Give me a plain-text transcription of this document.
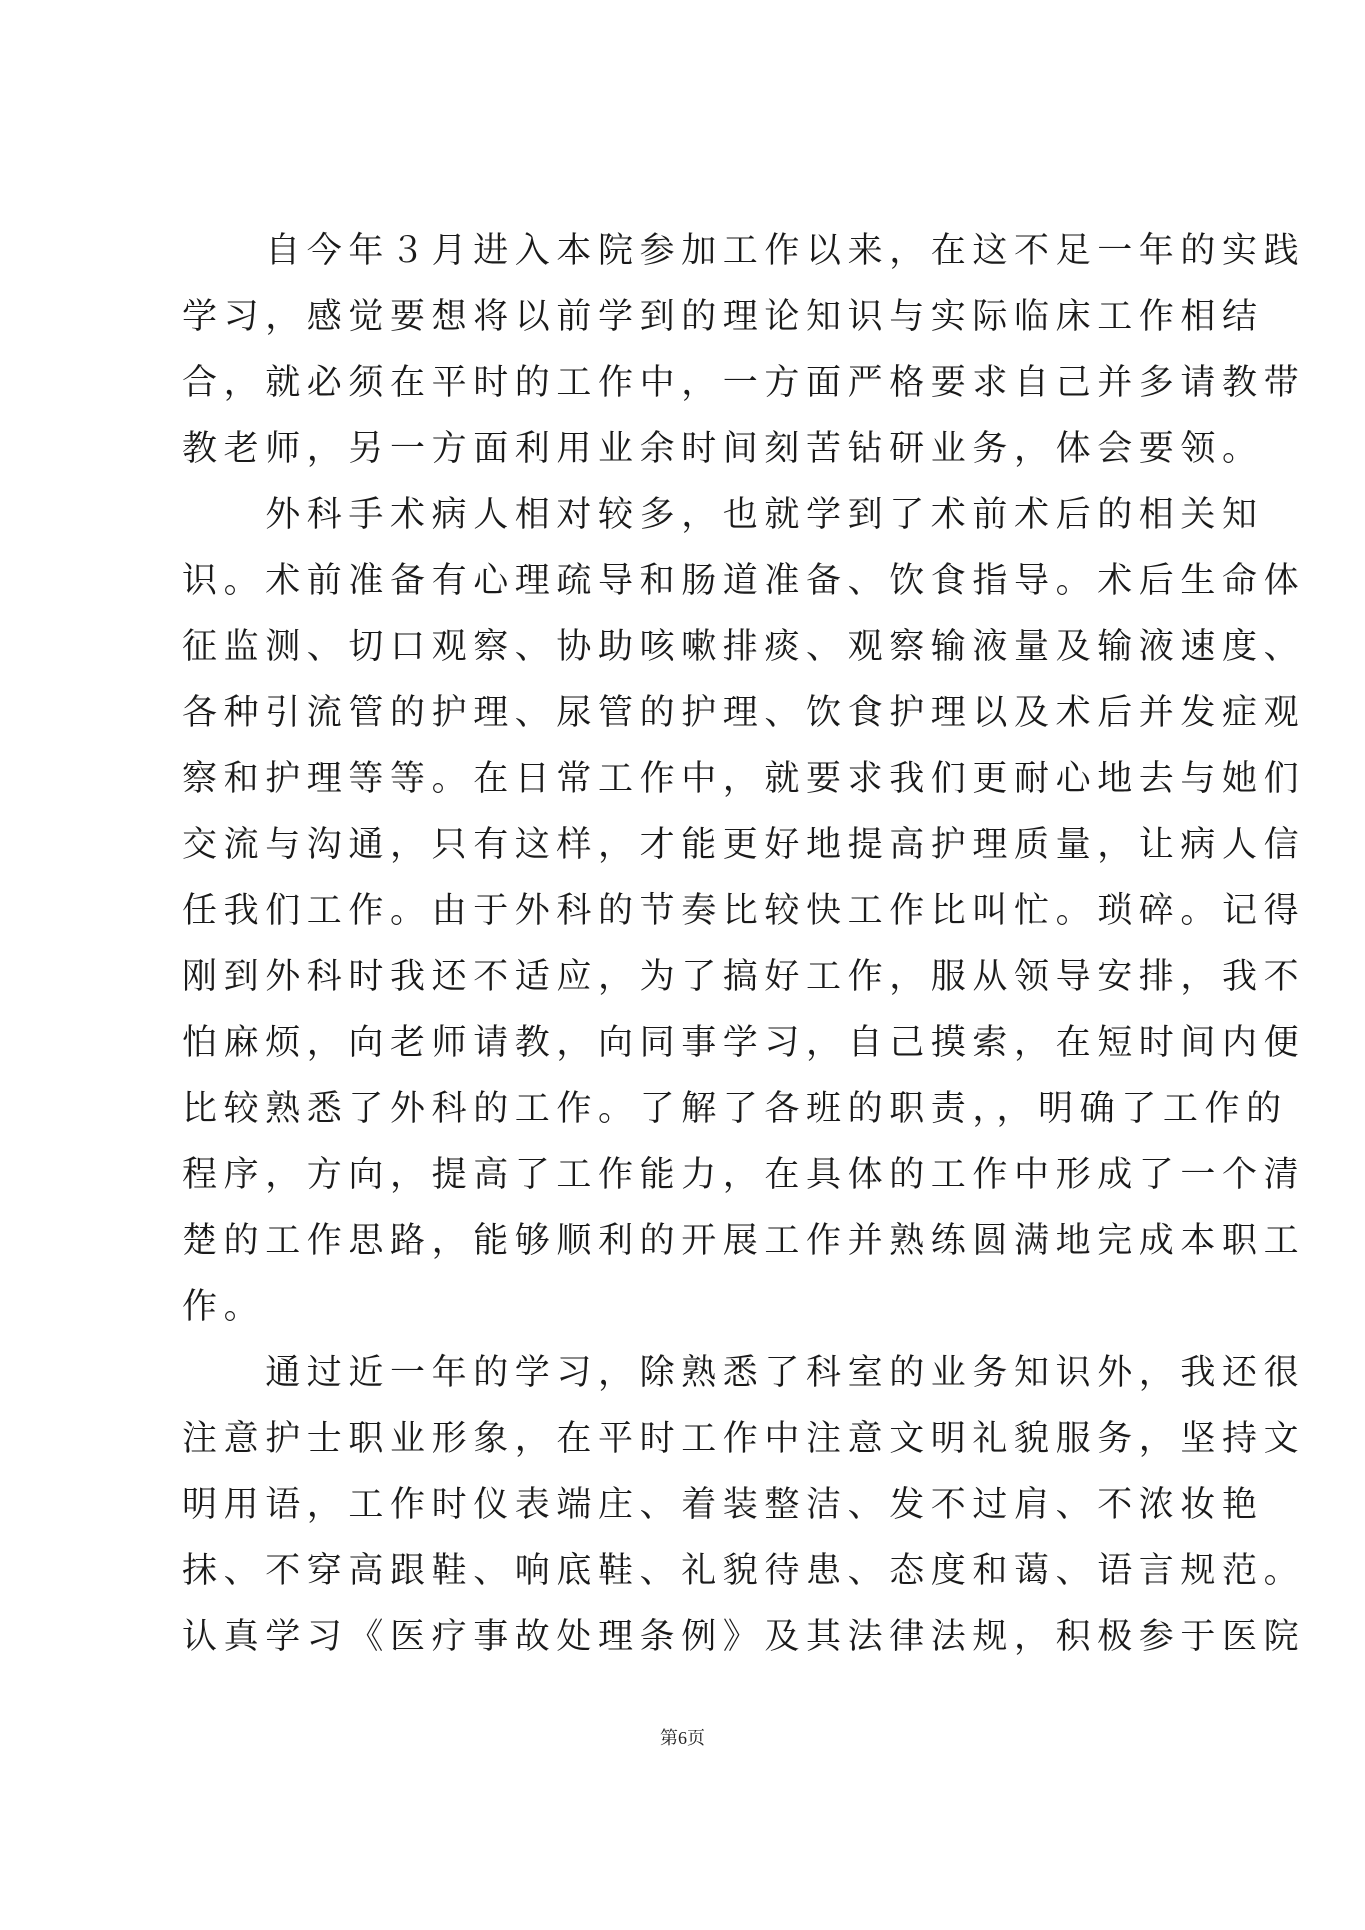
　　自今年３月进入本院参加工作以来，在这不足一年的实践
学习，感觉要想将以前学到的理论知识与实际临床工作相结
合，就必须在平时的工作中，一方面严格要求自己并多请教带
教老师，另一方面利用业余时间刻苦钻研业务，体会要领。
　　外科手术病人相对较多，也就学到了术前术后的相关知
识。术前准备有心理疏导和肠道准备、饮食指导。术后生命体
征监测、切口观察、协助咳嗽排痰、观察输液量及输液速度、
各种引流管的护理、尿管的护理、饮食护理以及术后并发症观
察和护理等等。在日常工作中，就要求我们更耐心地去与她们
交流与沟通，只有这样，才能更好地提高护理质量，让病人信
任我们工作。由于外科的节奏比较快工作比叫忙。琐碎。记得
刚到外科时我还不适应，为了搞好工作，服从领导安排，我不
怕麻烦，向老师请教，向同事学习，自己摸索，在短时间内便
比较熟悉了外科的工作。了解了各班的职责，，明确了工作的
程序，方向，提高了工作能力，在具体的工作中形成了一个清
楚的工作思路，能够顺利的开展工作并熟练圆满地完成本职工
作。
　　通过近一年的学习，除熟悉了科室的业务知识外，我还很
注意护士职业形象，在平时工作中注意文明礼貌服务，坚持文
明用语，工作时仪表端庄、着装整洁、发不过肩、不浓妆艳
抹、不穿高跟鞋、响底鞋、礼貌待患、态度和蔼、语言规范。
认真学习《医疗事故处理条例》及其法律法规，积极参于医院
第6页
